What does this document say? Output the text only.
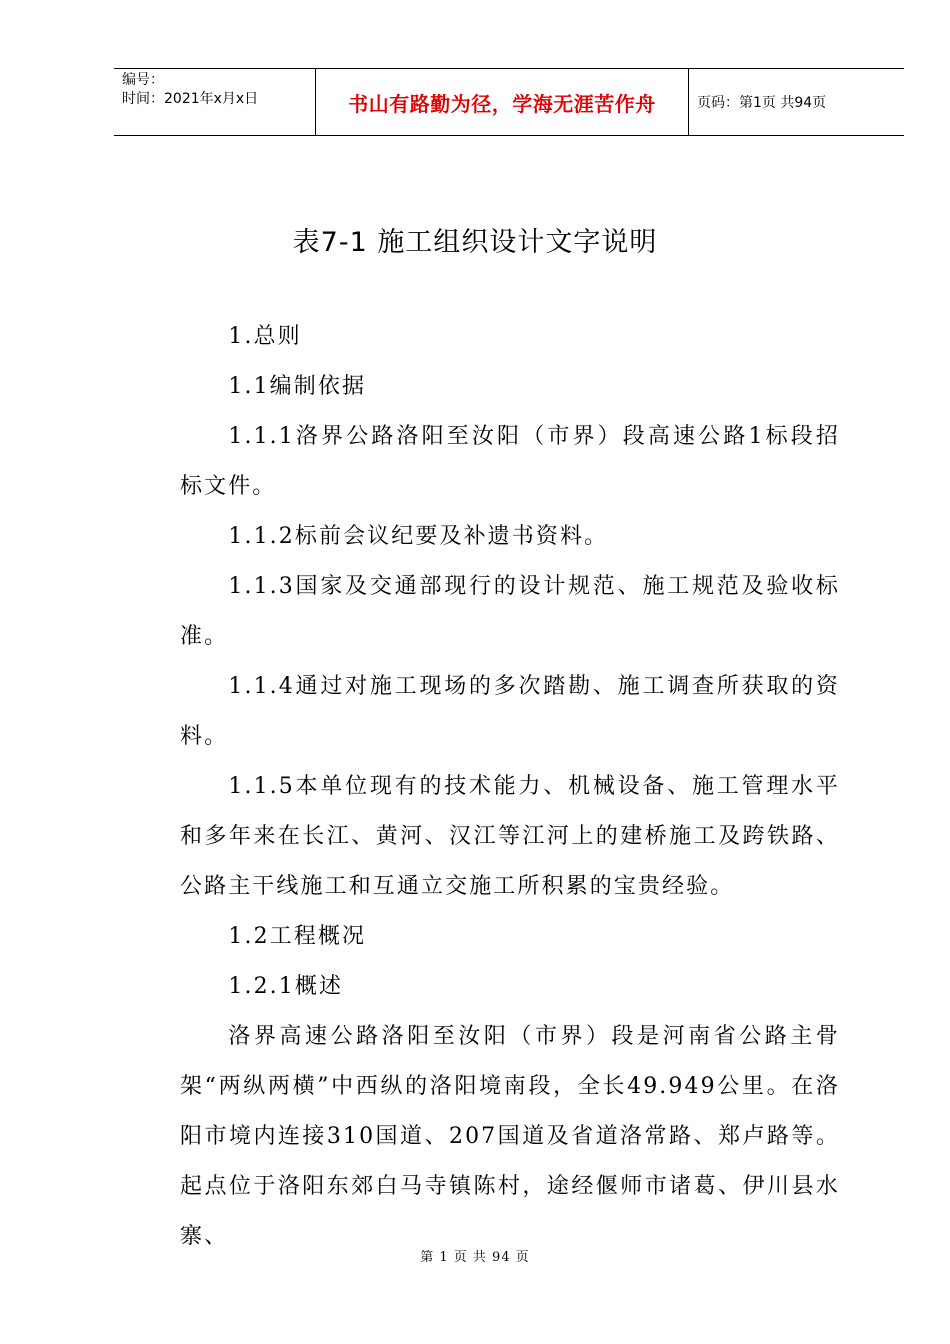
编号：
时间：2021年x月x日	书山有路勤为径，学海无涯苦作舟	页码：第1页 共94页
表7-1 施工组织设计文字说明

1.总则

1.1编制依据

1.1.1洛界公路洛阳至汝阳（市界）段高速公路1标段招标文件。

1.1.2标前会议纪要及补遗书资料。

1.1.3国家及交通部现行的设计规范、施工规范及验收标准。

1.1.4通过对施工现场的多次踏勘、施工调查所获取的资料。

1.1.5本单位现有的技术能力、机械设备、施工管理水平和多年来在长江、黄河、汉江等江河上的建桥施工及跨铁路、公路主干线施工和互通立交施工所积累的宝贵经验。

1.2工程概况

1.2.1概述

洛界高速公路洛阳至汝阳（市界）段是河南省公路主骨架“两纵两横”中西纵的洛阳境南段，全长49.949公里。在洛阳市境内连接310国道、207国道及省道洛常路、郑卢路等。起点位于洛阳东郊白马寺镇陈村，途经偃师市诸葛、伊川县水寨、

第 1 页 共 94 页
